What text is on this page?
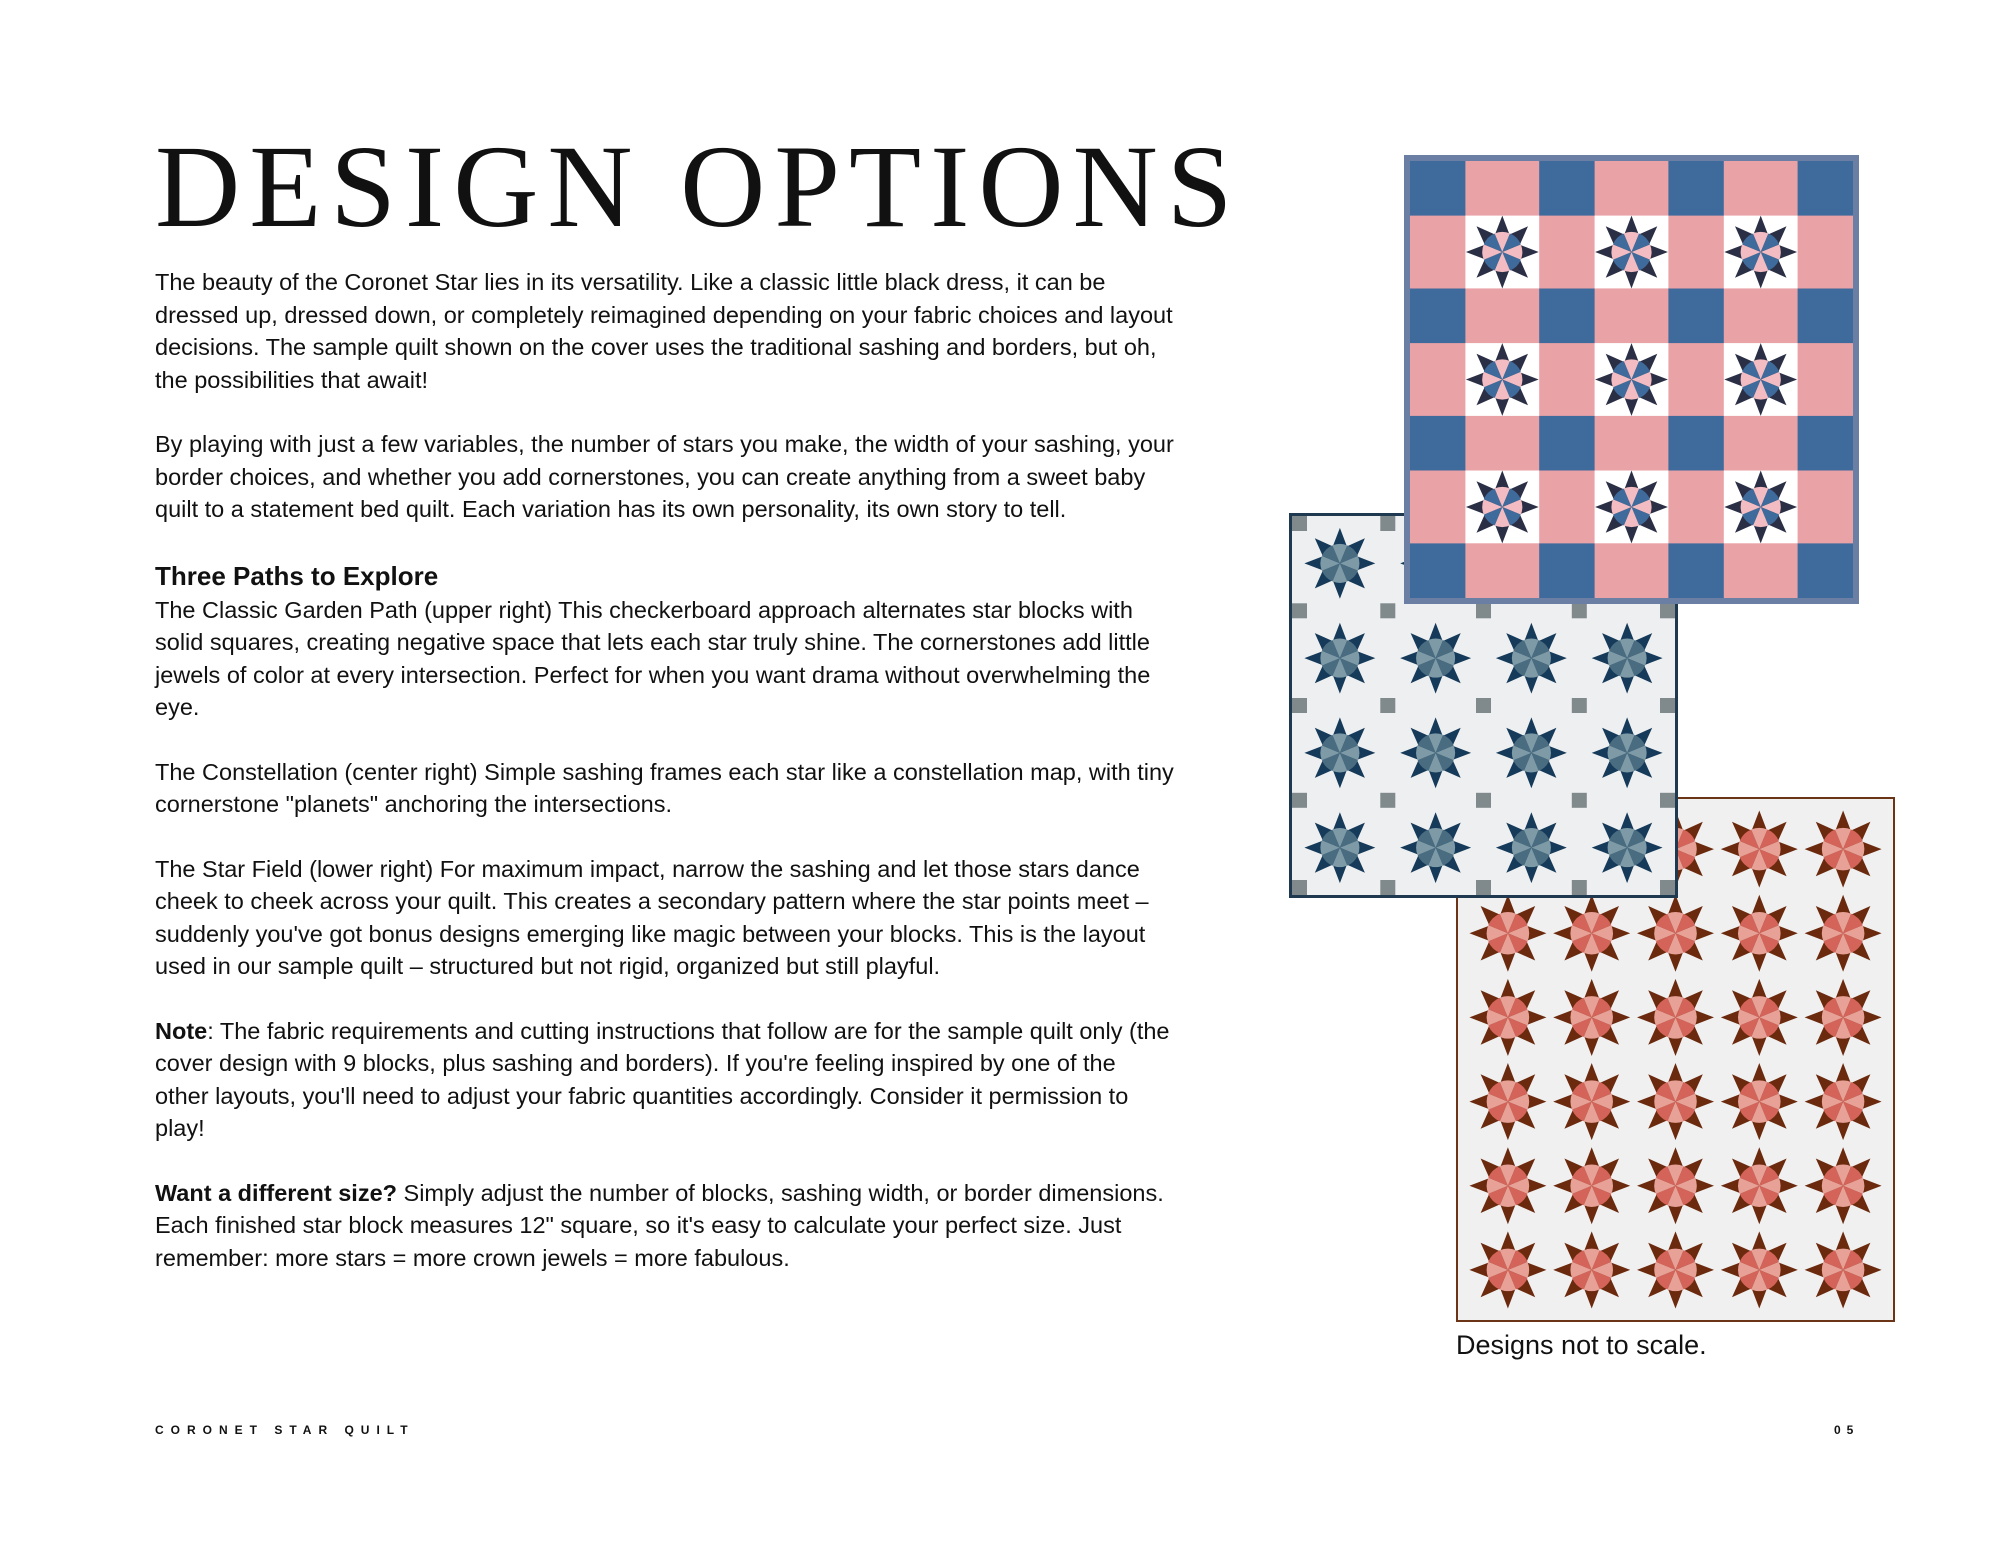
DESIGN OPTIONS

The beauty of the Coronet Star lies in its versatility. Like a classic little black dress, it can be dressed up, dressed down, or completely reimagined depending on your fabric choices and layout decisions. The sample quilt shown on the cover uses the traditional sashing and borders, but oh, the possibilities that await!

By playing with just a few variables, the number of stars you make, the width of your sashing, your border choices, and whether you add cornerstones, you can create anything from a sweet baby quilt to a statement bed quilt. Each variation has its own personality, its own story to tell.

Three Paths to Explore

The Classic Garden Path (upper right) This checkerboard approach alternates star blocks with solid squares, creating negative space that lets each star truly shine. The cornerstones add little jewels of color at every intersection. Perfect for when you want drama without overwhelming the eye.

The Constellation (center right) Simple sashing frames each star like a constellation map, with tiny cornerstone "planets" anchoring the intersections.

The Star Field (lower right) For maximum impact, narrow the sashing and let those stars dance cheek to cheek across your quilt. This creates a secondary pattern where the star points meet – suddenly you've got bonus designs emerging like magic between your blocks. This is the layout used in our sample quilt – structured but not rigid, organized but still playful.

Note: The fabric requirements and cutting instructions that follow are for the sample quilt only (the cover design with 9 blocks, plus sashing and borders). If you're feeling inspired by one of the other layouts, you'll need to adjust your fabric quantities accordingly. Consider it permission to play!

Want a different size? Simply adjust the number of blocks, sashing width, or border dimensions. Each finished star block measures 12" square, so it's easy to calculate your perfect size. Just remember: more stars = more crown jewels = more fabulous.

Designs not to scale.
CORONET STAR QUILT	05
